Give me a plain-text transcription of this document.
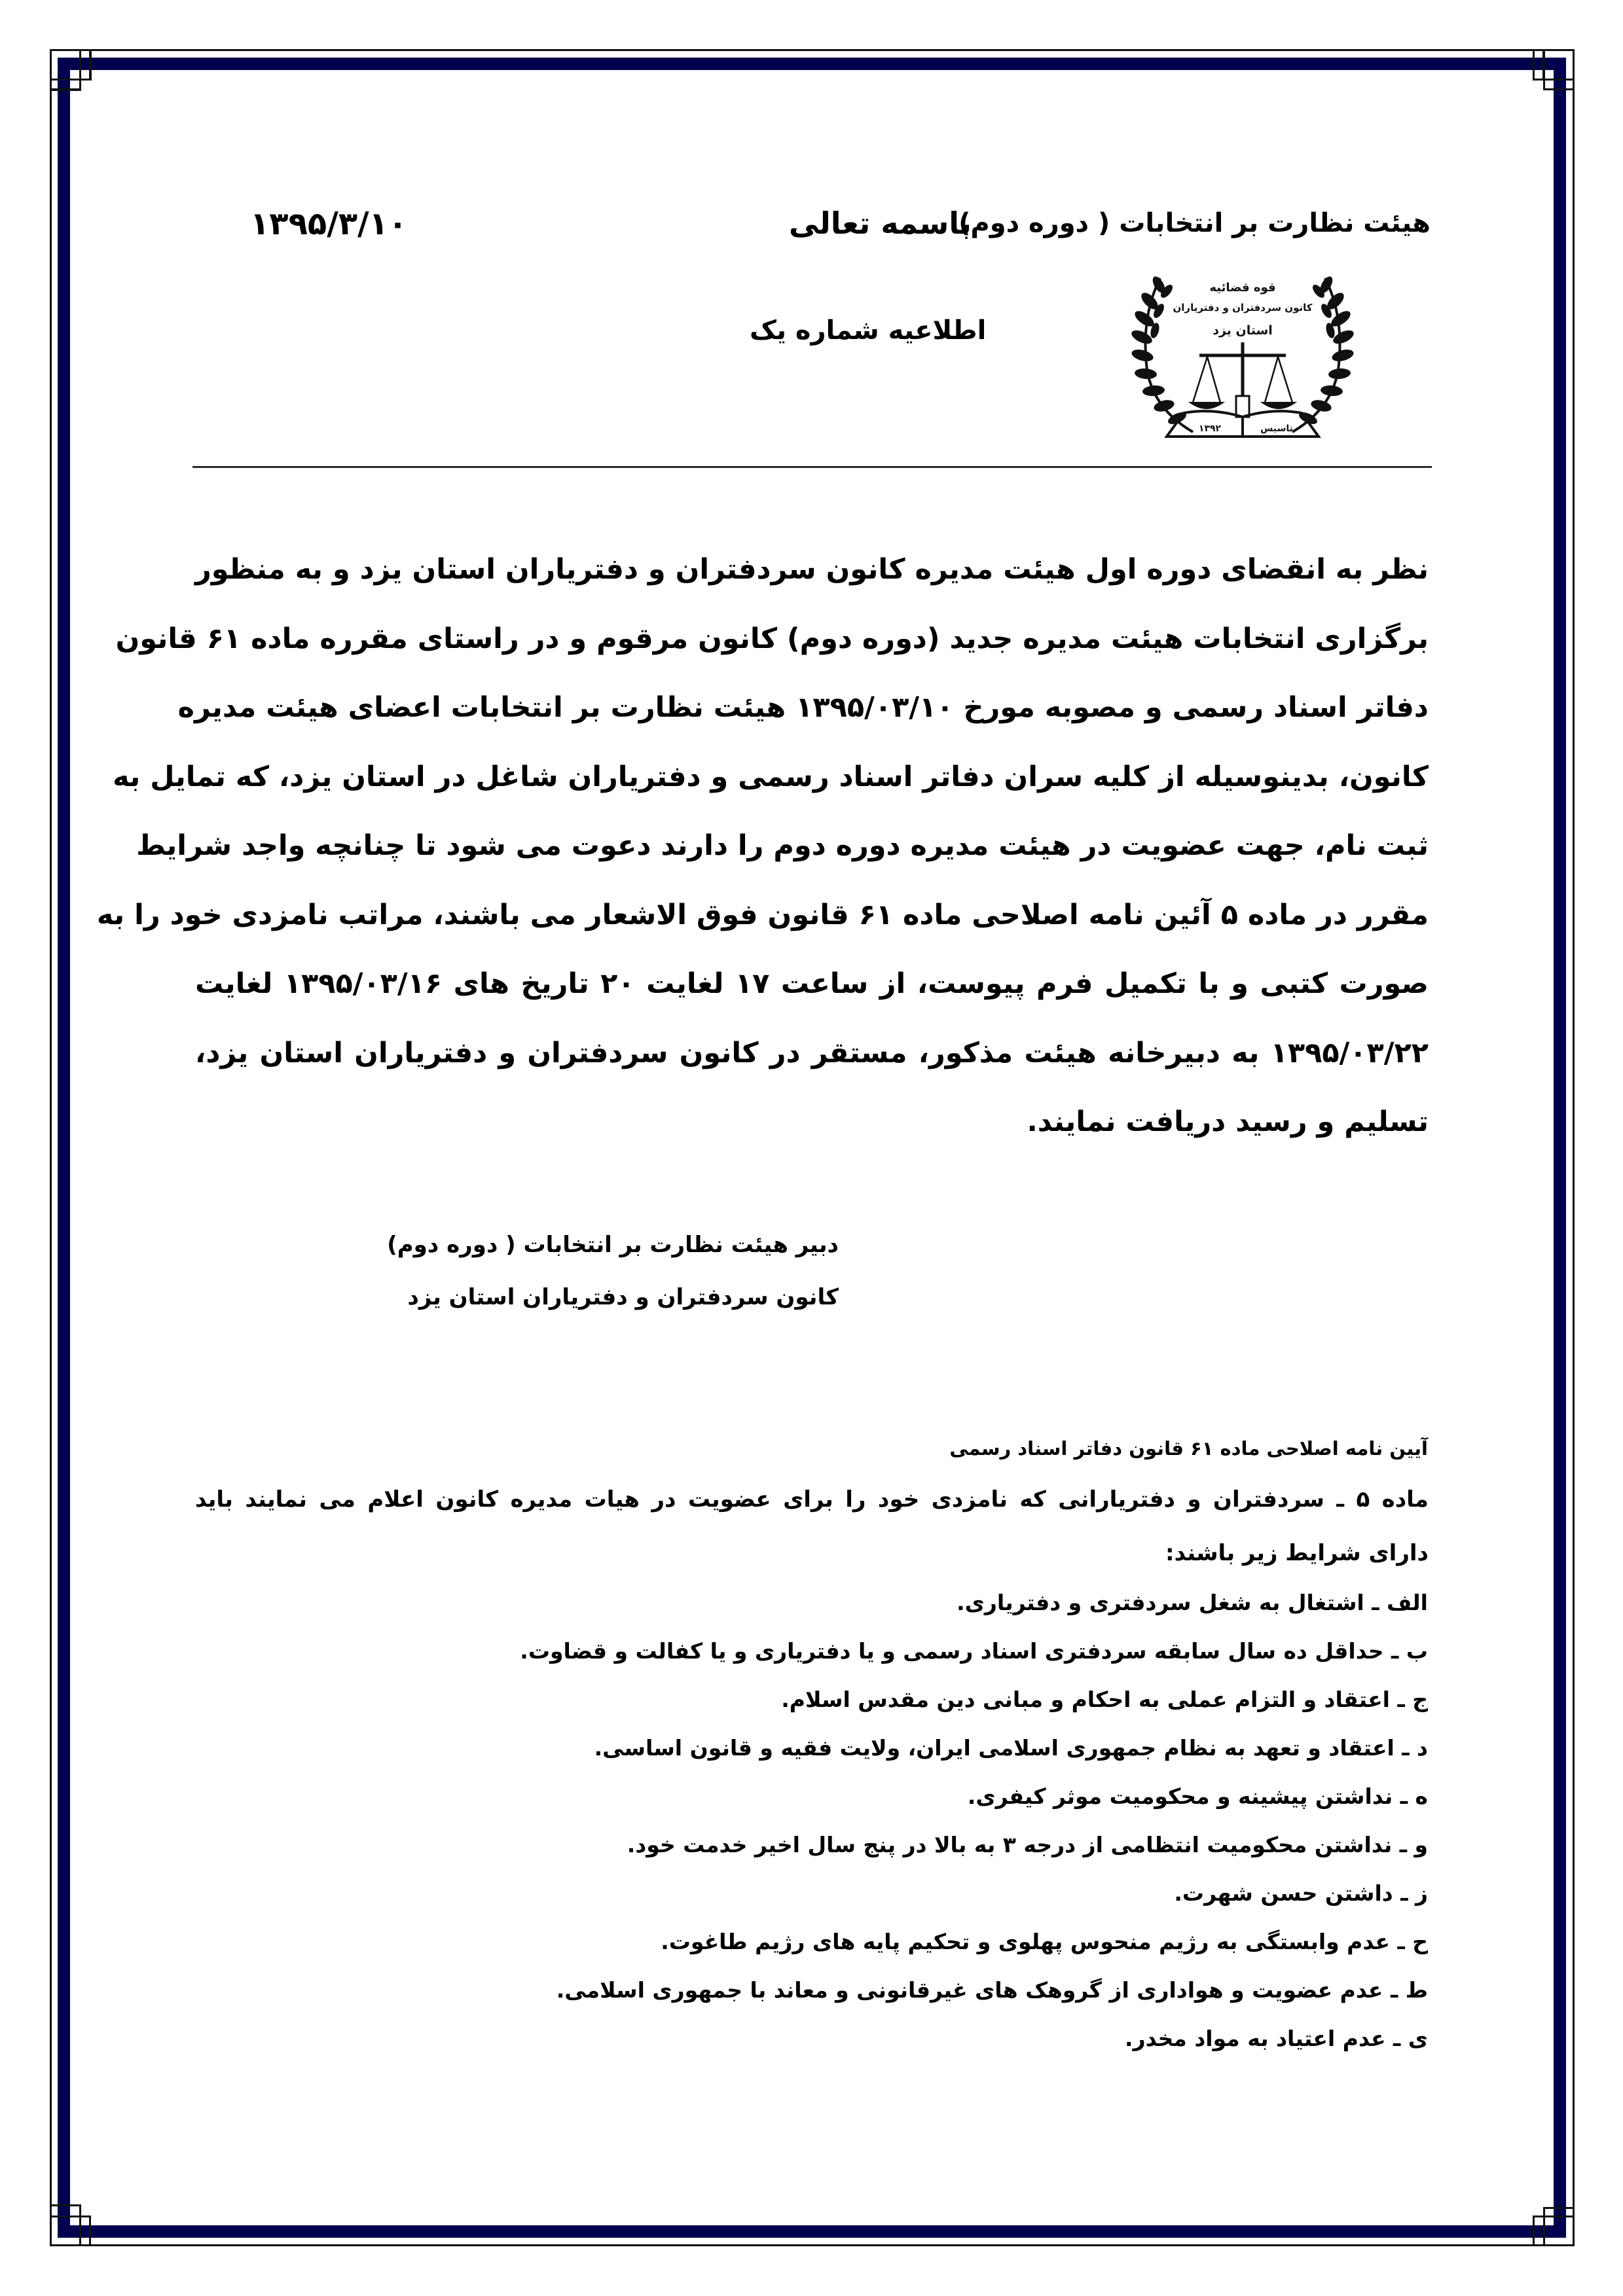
هیئت نظارت بر انتخابات ( دوره دوم)
باسمه تعالی
۱۳۹۵/۳/۱۰
اطلاعیه شماره یک
قوه قضائیه
کانون سردفتران و دفتریاران
استان یزد
۱۳۹۲	تاسیس
نظر به انقضای دوره اول هیئت مدیره کانون سردفتران و دفتریاران استان یزد و به منظور
برگزاری انتخابات هیئت مدیره جدید (دوره دوم) کانون مرقوم و در راستای مقرره ماده ۶۱ قانون
دفاتر اسناد رسمی و مصوبه مورخ ۱۳۹۵/۰۳/۱۰ هیئت نظارت بر انتخابات اعضای هیئت مدیره
کانون، بدینوسیله از کلیه سران دفاتر اسناد رسمی و دفتریاران شاغل در استان یزد، که تمایل به
ثبت نام، جهت عضویت در هیئت مدیره دوره دوم را دارند دعوت می شود تا چنانچه واجد شرایط
مقرر در ماده ۵ آئین نامه اصلاحی ماده ۶۱ قانون فوق الاشعار می باشند، مراتب نامزدی خود را به
صورت کتبی و با تکمیل فرم پیوست، از ساعت ۱۷ لغایت ۲۰ تاریخ های ۱۳۹۵/۰۳/۱۶ لغایت
۱۳۹۵/۰۳/۲۲ به دبیرخانه هیئت مذکور، مستقر در کانون سردفتران و دفتریاران استان یزد،
تسلیم و رسید دریافت نمایند.
دبیر هیئت نظارت بر انتخابات ( دوره دوم)
کانون سردفتران و دفتریاران استان یزد
آیین نامه اصلاحی ماده ۶۱ قانون دفاتر اسناد رسمی
ماده ۵ ـ سردفتران و دفتریارانی که نامزدی خود را برای عضویت در هیات مدیره کانون اعلام می نمایند باید
دارای شرایط زیر باشند:
الف ـ اشتغال به شغل سردفتری و دفتریاری.
ب ـ حداقل ده سال سابقه سردفتری اسناد رسمی و یا دفتریاری و یا کفالت و قضاوت.
ج ـ اعتقاد و التزام عملی به احکام و مبانی دین مقدس اسلام.
د ـ اعتقاد و تعهد به نظام جمهوری اسلامی ایران، ولایت فقیه و قانون اساسی.
ه ـ نداشتن پیشینه و محکومیت موثر کیفری.
و ـ نداشتن محکومیت انتظامی از درجه ۳ به بالا در پنج سال اخیر خدمت خود.
ز ـ داشتن حسن شهرت.
ح ـ عدم وابستگی به رژیم منحوس پهلوی و تحکیم پایه های رژیم طاغوت.
ط ـ عدم عضویت و هواداری از گروهک های غیرقانونی و معاند با جمهوری اسلامی.
ی ـ عدم اعتیاد به مواد مخدر.
